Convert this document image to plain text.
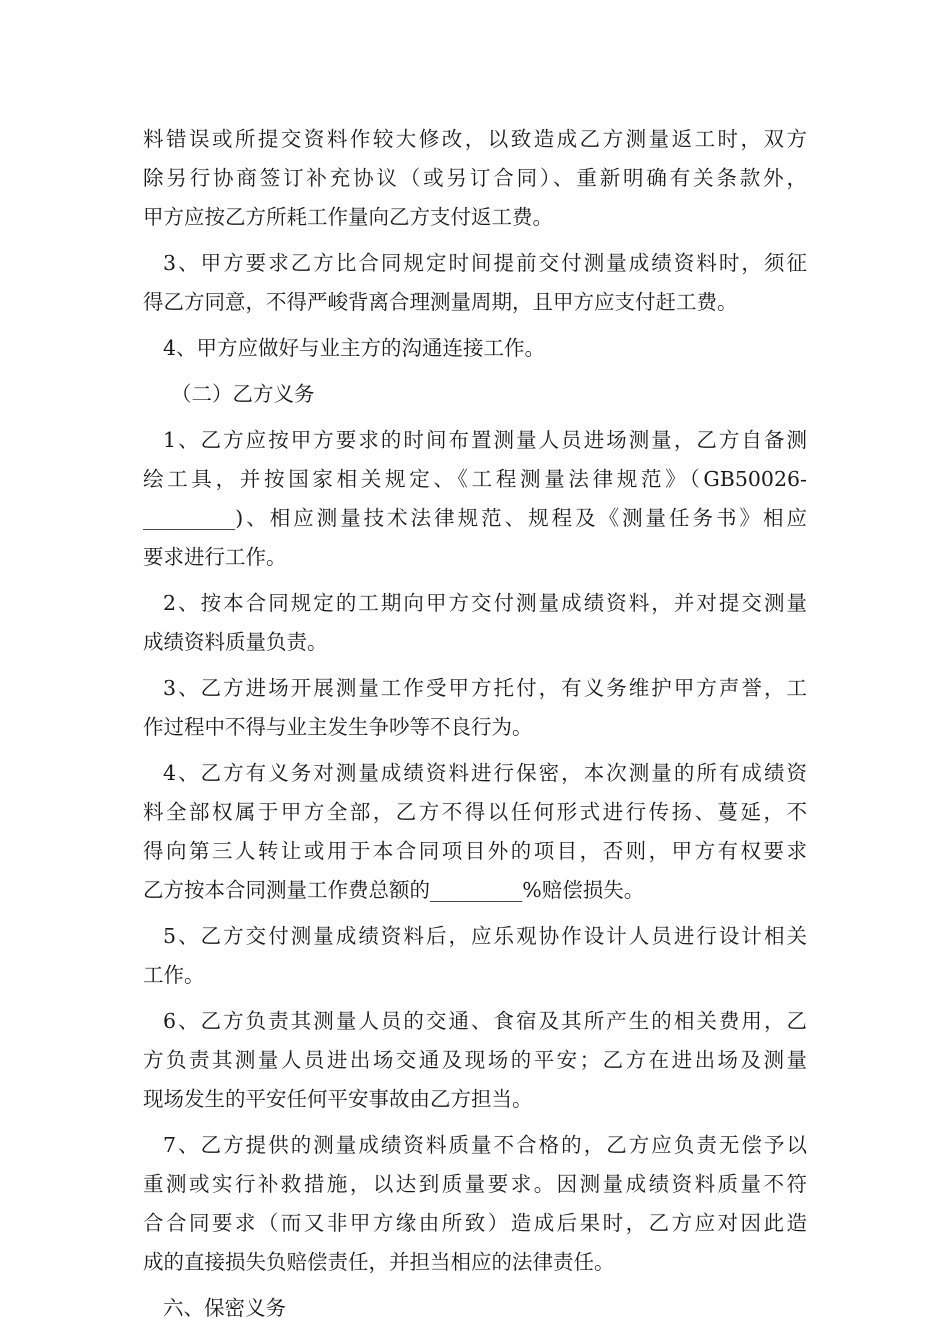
料错误或所提交资料作较大修改，以致造成乙方测量返工时，双方
除另行协商签订补充协议（或另订合同）、重新明确有关条款外，
甲方应按乙方所耗工作量向乙方支付返工费。
3、甲方要求乙方比合同规定时间提前交付测量成绩资料时，须征
得乙方同意，不得严峻背离合理测量周期，且甲方应支付赶工费。
4、甲方应做好与业主方的沟通连接工作。
（二）乙方义务
1、乙方应按甲方要求的时间布置测量人员进场测量，乙方自备测
绘工具，并按国家相关规定、《工程测量法律规范》（GB50026-
_________)、相应测量技术法律规范、规程及《测量任务书》相应
要求进行工作。
2、按本合同规定的工期向甲方交付测量成绩资料，并对提交测量
成绩资料质量负责。
3、乙方进场开展测量工作受甲方托付，有义务维护甲方声誉，工
作过程中不得与业主发生争吵等不良行为。
4、乙方有义务对测量成绩资料进行保密，本次测量的所有成绩资
料全部权属于甲方全部，乙方不得以任何形式进行传扬、蔓延，不
得向第三人转让或用于本合同项目外的项目，否则，甲方有权要求
乙方按本合同测量工作费总额的_________%赔偿损失。
5、乙方交付测量成绩资料后，应乐观协作设计人员进行设计相关
工作。
6、乙方负责其测量人员的交通、食宿及其所产生的相关费用，乙
方负责其测量人员进出场交通及现场的平安；乙方在进出场及测量
现场发生的平安任何平安事故由乙方担当。
7、乙方提供的测量成绩资料质量不合格的，乙方应负责无偿予以
重测或实行补救措施，以达到质量要求。因测量成绩资料质量不符
合合同要求（而又非甲方缘由所致）造成后果时，乙方应对因此造
成的直接损失负赔偿责任，并担当相应的法律责任。
六、保密义务
